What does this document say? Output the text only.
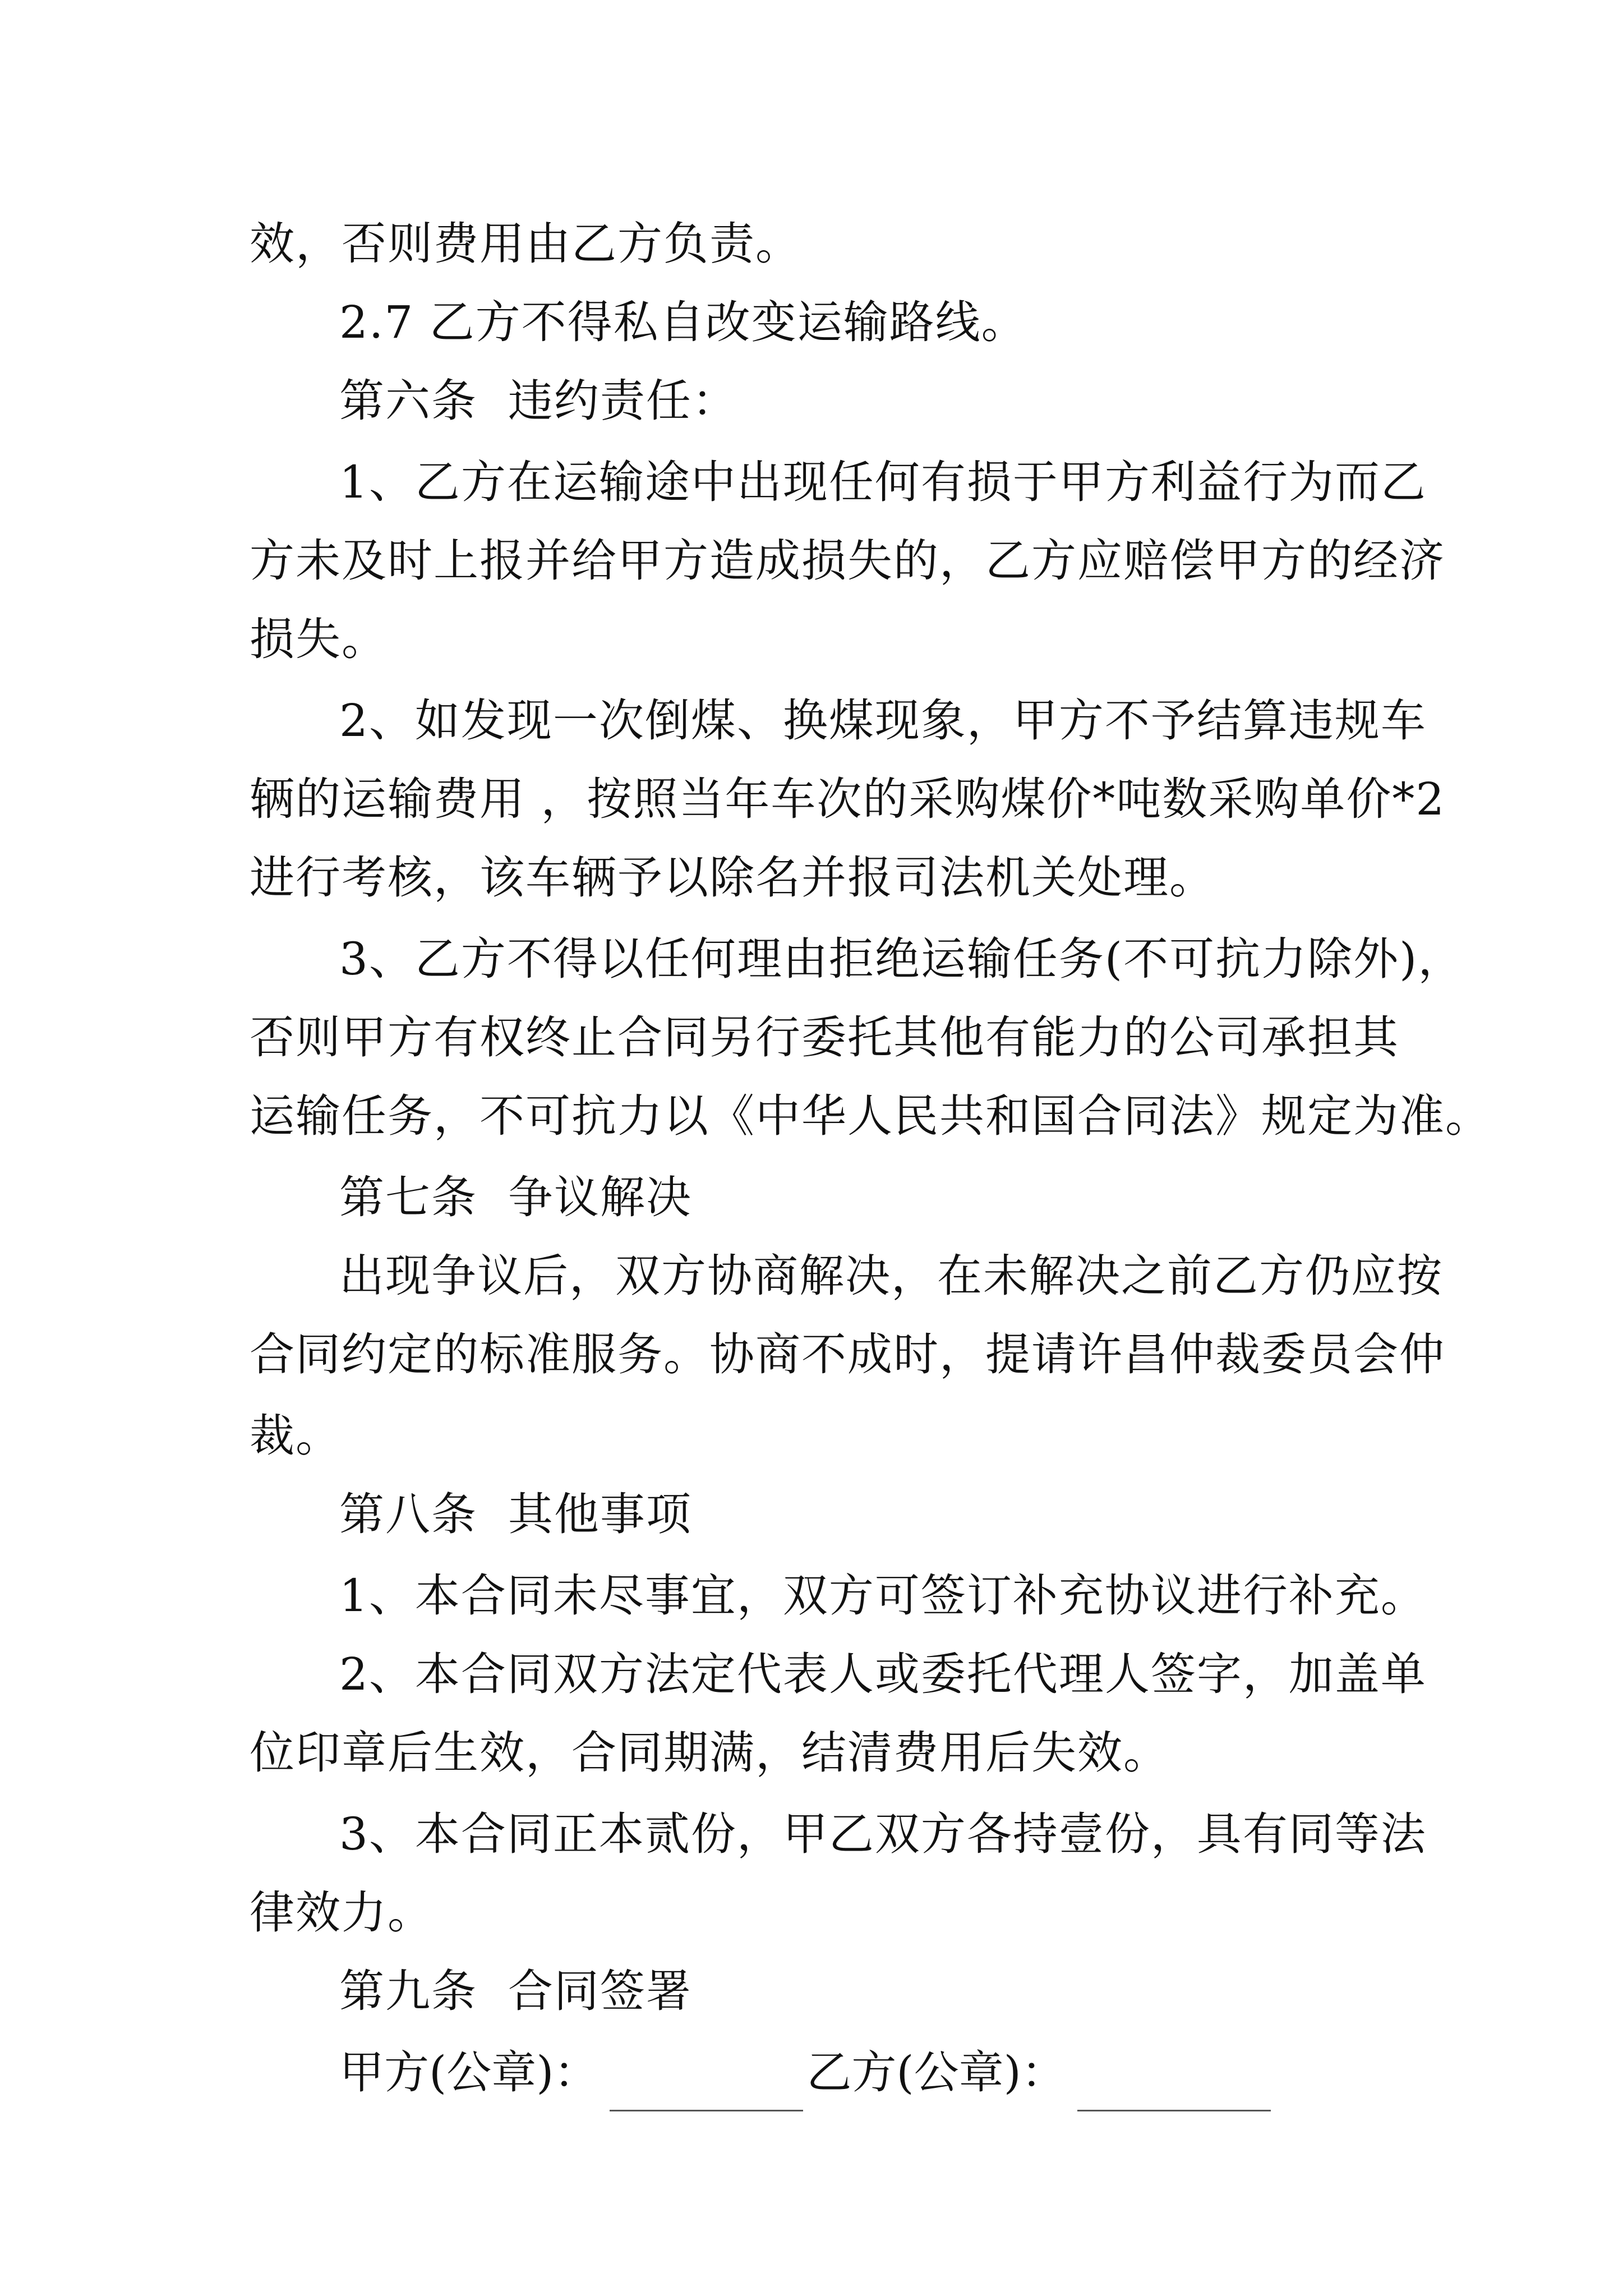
效，否则费用由乙方负责。
2.7 乙方不得私自改变运输路线。
第六条  违约责任：
1、乙方在运输途中出现任何有损于甲方利益行为而乙
方未及时上报并给甲方造成损失的，乙方应赔偿甲方的经济
损失。
2、如发现一次倒煤、换煤现象，甲方不予结算违规车
辆的运输费用 ，按照当年车次的采购煤价*吨数采购单价*2
进行考核，该车辆予以除名并报司法机关处理。
3、乙方不得以任何理由拒绝运输任务(不可抗力除外)，
否则甲方有权终止合同另行委托其他有能力的公司承担其
运输任务，不可抗力以《中华人民共和国合同法》规定为准。
第七条  争议解决
出现争议后，双方协商解决，在未解决之前乙方仍应按
合同约定的标准服务。协商不成时，提请许昌仲裁委员会仲
裁。
第八条  其他事项
1、本合同未尽事宜，双方可签订补充协议进行补充。
2、本合同双方法定代表人或委托代理人签字，加盖单
位印章后生效，合同期满，结清费用后失效。
3、本合同正本贰份，甲乙双方各持壹份，具有同等法
律效力。
第九条  合同签署
甲方(公章)：	乙方(公章)：
